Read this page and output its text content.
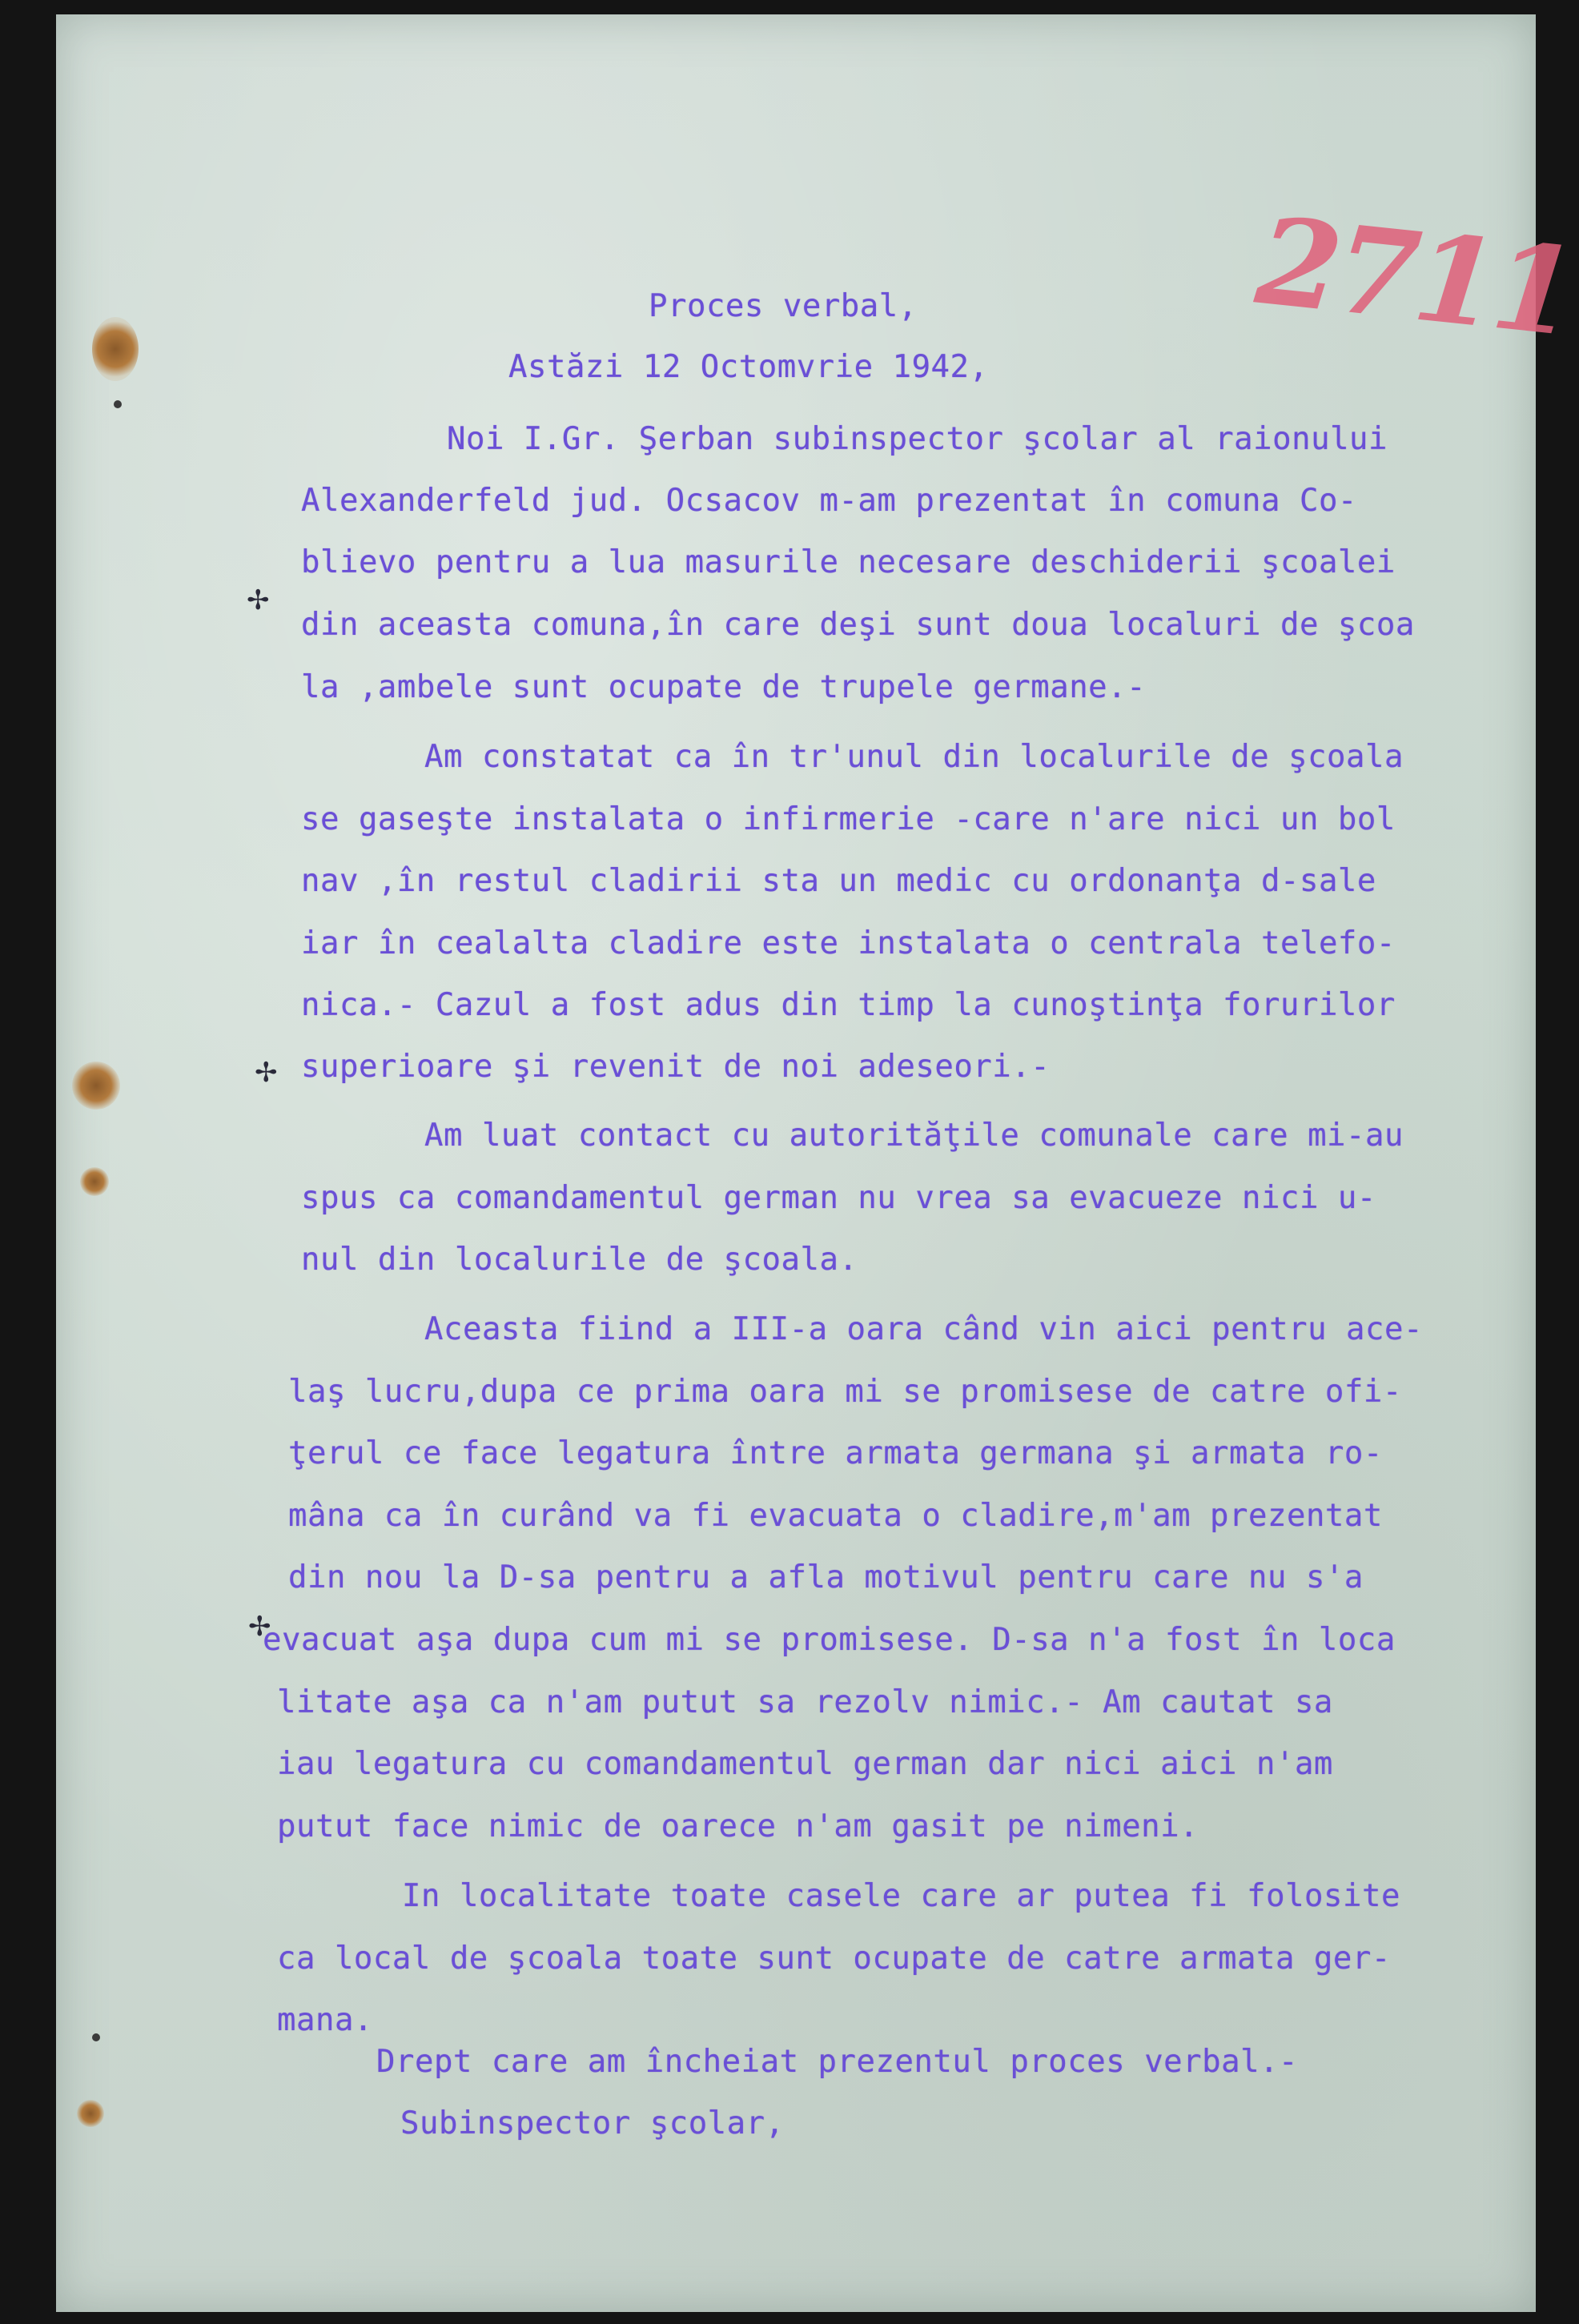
✢
✢
✢
2711
Proces verbal,
Astăzi 12 Octomvrie 1942,
Noi I.Gr. Şerban subinspector şcolar al raionului
Alexanderfeld jud. Ocsacov m-am prezentat în comuna Co-
blievo pentru a lua masurile necesare deschiderii şcoalei
din aceasta comuna,în care deşi sunt doua localuri de şcoa
la ,ambele sunt ocupate de trupele germane.-
Am constatat ca în tr'unul din localurile de şcoala
se gaseşte instalata o infirmerie -care n'are nici un bol
nav ,în restul cladirii sta un medic cu ordonanţa d-sale
iar în cealalta cladire este instalata o centrala telefo-
nica.- Cazul a fost adus din timp la cunoştinţa forurilor
superioare şi revenit de noi adeseori.-
Am luat contact cu autorităţile comunale care mi-au
spus ca comandamentul german nu vrea sa evacueze nici u-
nul din localurile de şcoala.
Aceasta fiind a III-a oara când vin aici pentru ace-
laş lucru,dupa ce prima oara mi se promisese de catre ofi-
ţerul ce face legatura între armata germana şi armata ro-
mâna ca în curând va fi evacuata o cladire,m'am prezentat
din nou la D-sa pentru a afla motivul pentru care nu s'a
evacuat aşa dupa cum mi se promisese. D-sa n'a fost în loca
litate aşa ca n'am putut sa rezolv nimic.- Am cautat sa
iau legatura cu comandamentul german dar nici aici n'am
putut face nimic de oarece n'am gasit pe nimeni.
In localitate toate casele care ar putea fi folosite
ca local de şcoala toate sunt ocupate de catre armata ger-
mana.
Drept care am încheiat prezentul proces verbal.-
Subinspector şcolar,
